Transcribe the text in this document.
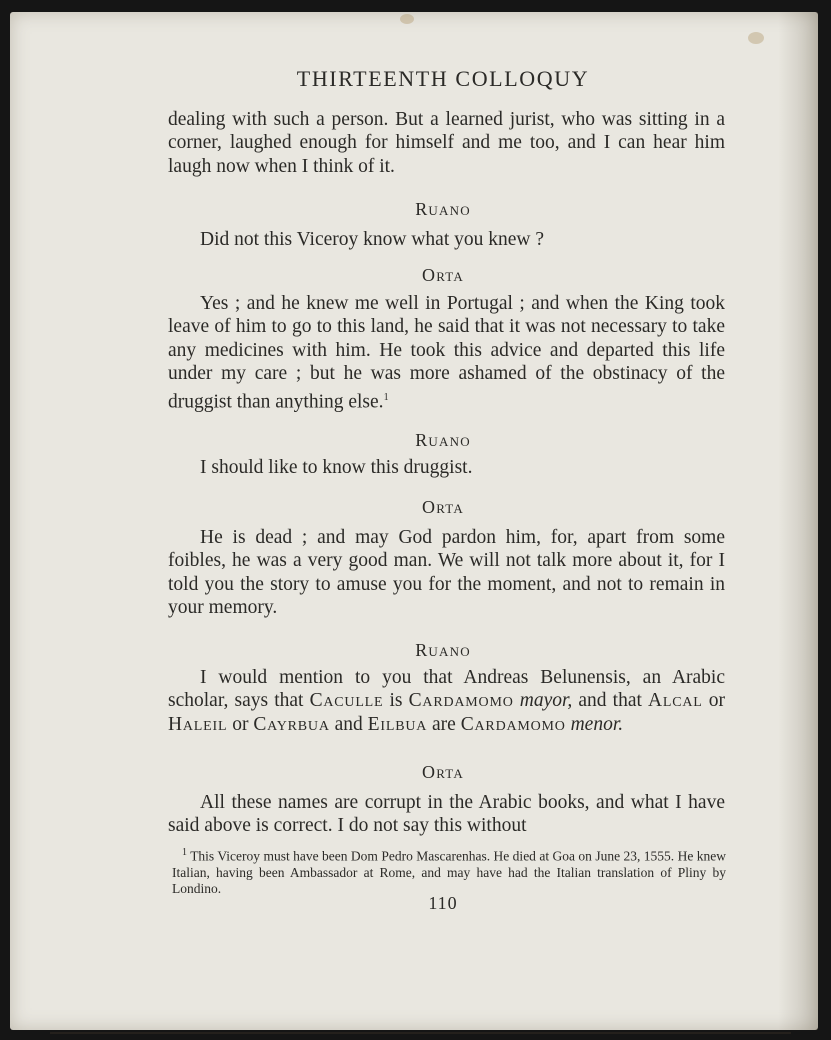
THIRTEENTH COLLOQUY
dealing with such a person. But a learned jurist, who was sitting in a corner, laughed enough for himself and me too, and I can hear him laugh now when I think of it.
Ruano
Did not this Viceroy know what you knew ?
Orta
Yes ; and he knew me well in Portugal ; and when the King took leave of him to go to this land, he said that it was not necessary to take any medicines with him. He took this advice and departed this life under my care ; but he was more ashamed of the obstinacy of the druggist than anything else.$^1$
Ruano
I should like to know this druggist.
Orta
He is dead ; and may God pardon him, for, apart from some foibles, he was a very good man. We will not talk more about it, for I told you the story to amuse you for the moment, and not to remain in your memory.
Ruano
I would mention to you that Andreas Belunensis, an Arabic scholar, says that Caculle is Cardamomo mayor, and that Alcal or Haleil or Cayrbua and Eilbua are Cardamomo menor.
Orta
All these names are corrupt in the Arabic books, and what I have said above is correct. I do not say this without
$^1$ This Viceroy must have been Dom Pedro Mascarenhas. He died at Goa on June 23, 1555. He knew Italian, having been Ambassador at Rome, and may have had the Italian translation of Pliny by Londino.
110
